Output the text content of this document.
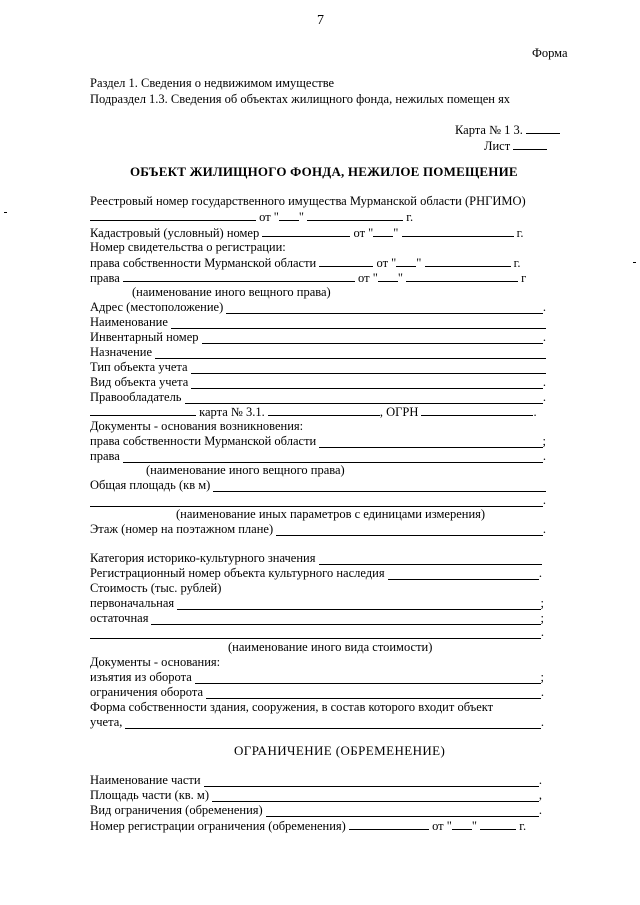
7
Форма
Раздел 1. Сведения о недвижимом имуществе
Подраздел 1.3. Сведения об объектах жилищного фонда, нежилых помещен ях
Карта № 1 3.
Лист
ОБЪЕКТ ЖИЛИЩНОГО ФОНДА, НЕЖИЛОЕ ПОМЕЩЕНИЕ
Реестровый номер государственного имущества Мурманской области (РНГИМО)
от " "	г.
Кадастровый (условный) номер	от " "	г.
Номер свидетельства о регистрации:
права собственности Мурманской области	от " "	г.
права	от " "	г
(наименование иного вещного права)
Адрес (местоположение)	.
Наименование
Инвентарный номер	.
Назначение
Тип объекта учета
Вид объекта учета	.
Правообладатель	.
карта № 3.1.	, ОГРН	.
Документы - основания возникновения:
права собственности Мурманской области	;
права	.
(наименование иного вещного права)
Общая площадь (кв м)
.
(наименование иных параметров с единицами измерения)
Этаж (номер на поэтажном плане)	.
Категория историко-культурного значения
Регистрационный номер объекта культурного наследия	.
Стоимость (тыс. рублей)
первоначальная	;
остаточная	;
.
(наименование иного вида стоимости)
Документы - основания:
изъятия из оборота	;
ограничения оборота	.
Форма собственности здания, сооружения, в состав которого входит объект
учета,	.
ОГРАНИЧЕНИЕ (ОБРЕМЕНЕНИЕ)
Наименование части	.
Площадь части (кв. м)	,
Вид ограничения (обременения)	.
Номер регистрации ограничения (обременения)	от " "	г.
